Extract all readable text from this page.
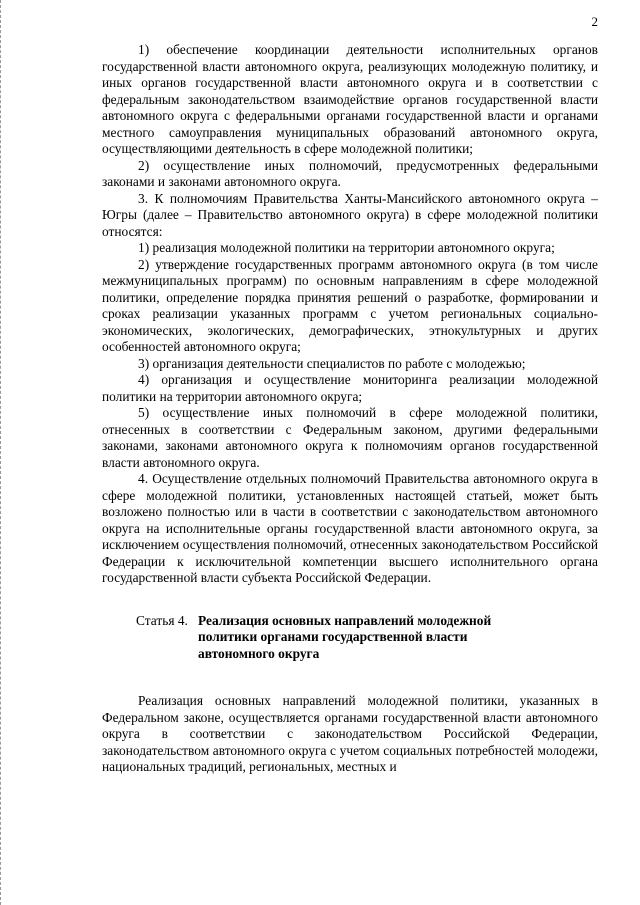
2

1) обеспечение координации деятельности исполнительных органов государственной власти автономного округа, реализующих молодежную политику, и иных органов государственной власти автономного округа и в соответствии с федеральным законодательством взаимодействие органов государственной власти автономного округа с федеральными органами государственной власти и органами местного самоуправления муниципальных образований автономного округа, осуществляющими деятельность в сфере молодежной политики;

2) осуществление иных полномочий, предусмотренных федеральными законами и законами автономного округа.

3. К полномочиям Правительства Ханты-Мансийского автономного округа – Югры (далее – Правительство автономного округа) в сфере молодежной политики относятся:

1) реализация молодежной политики на территории автономного округа;

2) утверждение государственных программ автономного округа (в том числе межмуниципальных программ) по основным направлениям в сфере молодежной политики, определение порядка принятия решений о разработке, формировании и сроках реализации указанных программ с учетом региональных социально-экономических, экологических, демографических, этнокультурных и других особенностей автономного округа;

3) организация деятельности специалистов по работе с молодежью;

4) организация и осуществление мониторинга реализации молодежной политики на территории автономного округа;

5) осуществление иных полномочий в сфере молодежной политики, отнесенных в соответствии с Федеральным законом, другими федеральными законами, законами автономного округа к полномочиям органов государственной власти автономного округа.

4. Осуществление отдельных полномочий Правительства автономного округа в сфере молодежной политики, установленных настоящей статьей, может быть возложено полностью или в части в соответствии с законодательством автономного округа на исполнительные органы государственной власти автономного округа, за исключением осуществления полномочий, отнесенных законодательством Российской Федерации к исключительной компетенции высшего исполнительного органа государственной власти субъекта Российской Федерации.

Статья 4. Реализация основных направлений молодежной политики органами государственной власти автономного округа

Реализация основных направлений молодежной политики, указанных в Федеральном законе, осуществляется органами государственной власти автономного округа в соответствии с законодательством Российской Федерации, законодательством автономного округа с учетом социальных потребностей молодежи, национальных традиций, региональных, местных и
